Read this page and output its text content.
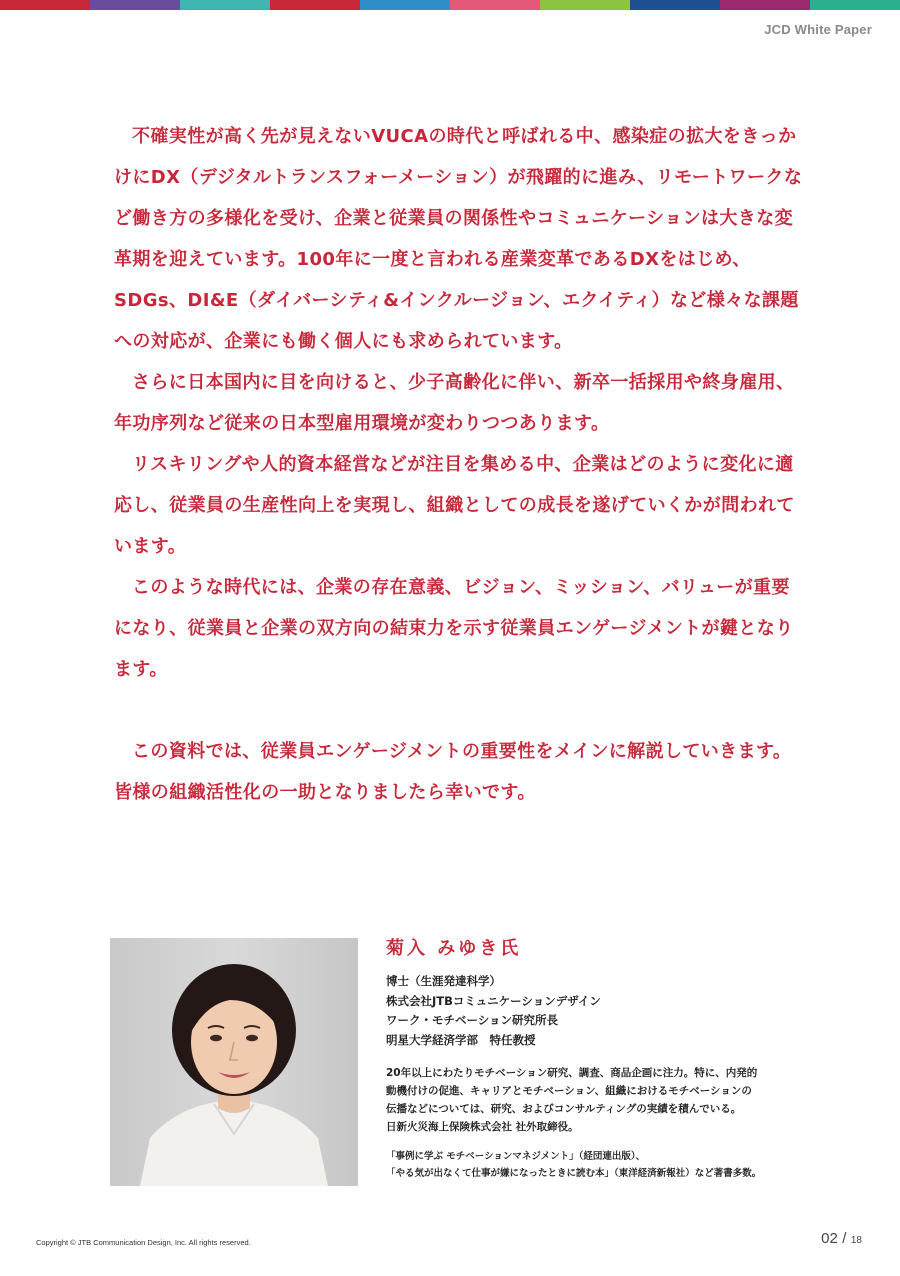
JCD White Paper

不確実性が高く先が見えないVUCAの時代と呼ばれる中、感染症の拡大をきっかけにDX（デジタルトランスフォーメーション）が飛躍的に進み、リモートワークなど働き方の多様化を受け、企業と従業員の関係性やコミュニケーションは大きな変革期を迎えています。100年に一度と言われる産業変革であるDXをはじめ、SDGs、DI&E（ダイバーシティ&インクルージョン、エクイティ）など様々な課題への対応が、企業にも働く個人にも求められています。

さらに日本国内に目を向けると、少子高齢化に伴い、新卒一括採用や終身雇用、年功序列など従来の日本型雇用環境が変わりつつあります。

リスキリングや人的資本経営などが注目を集める中、企業はどのように変化に適応し、従業員の生産性向上を実現し、組織としての成長を遂げていくかが問われています。

このような時代には、企業の存在意義、ビジョン、ミッション、バリューが重要になり、従業員と企業の双方向の結束力を示す従業員エンゲージメントが鍵となります。

この資料では、従業員エンゲージメントの重要性をメインに解説していきます。皆様の組織活性化の一助となりましたら幸いです。

菊入 みゆき氏
博士（生涯発達科学）
株式会社JTBコミュニケーションデザイン
ワーク・モチベーション研究所長
明星大学経済学部　特任教授
20年以上にわたりモチベーション研究、調査、商品企画に注力。特に、内発的
動機付けの促進、キャリアとモチベーション、組織におけるモチベーションの
伝播などについては、研究、およびコンサルティングの実績を積んでいる。
日新火災海上保険株式会社 社外取締役。
「事例に学ぶ モチベーションマネジメント」（経団連出版）、
「やる気が出なくて仕事が嫌になったときに読む本」（東洋経済新報社）など著書多数。
Copyright © JTB Communication Design, Inc. All rights reserved.	02 / 18
